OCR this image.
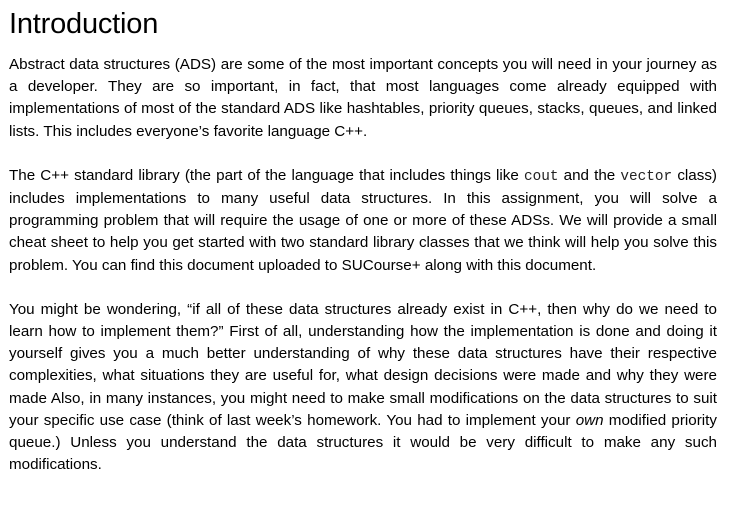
Introduction

Abstract data structures (ADS) are some of the most important concepts you will need in your journey as a developer. They are so important, in fact, that most languages come already equipped with implementations of most of the standard ADS like hashtables, priority queues, stacks, queues, and linked lists. This includes everyone’s favorite language C++.

The C++ standard library (the part of the language that includes things like cout and the vector class) includes implementations to many useful data structures. In this assignment, you will solve a programming problem that will require the usage of one or more of these ADSs. We will provide a small cheat sheet to help you get started with two standard library classes that we think will help you solve this problem. You can find this document uploaded to SUCourse+ along with this document.

You might be wondering, “if all of these data structures already exist in C++, then why do we need to learn how to implement them?” First of all, understanding how the implementation is done and doing it yourself gives you a much better understanding of why these data structures have their respective complexities, what situations they are useful for, what design decisions were made and why they were made Also, in many instances, you might need to make small modifications on the data structures to suit your specific use case (think of last week’s homework. You had to implement your own modified priority queue.) Unless you understand the data structures it would be very difficult to make any such modifications.
